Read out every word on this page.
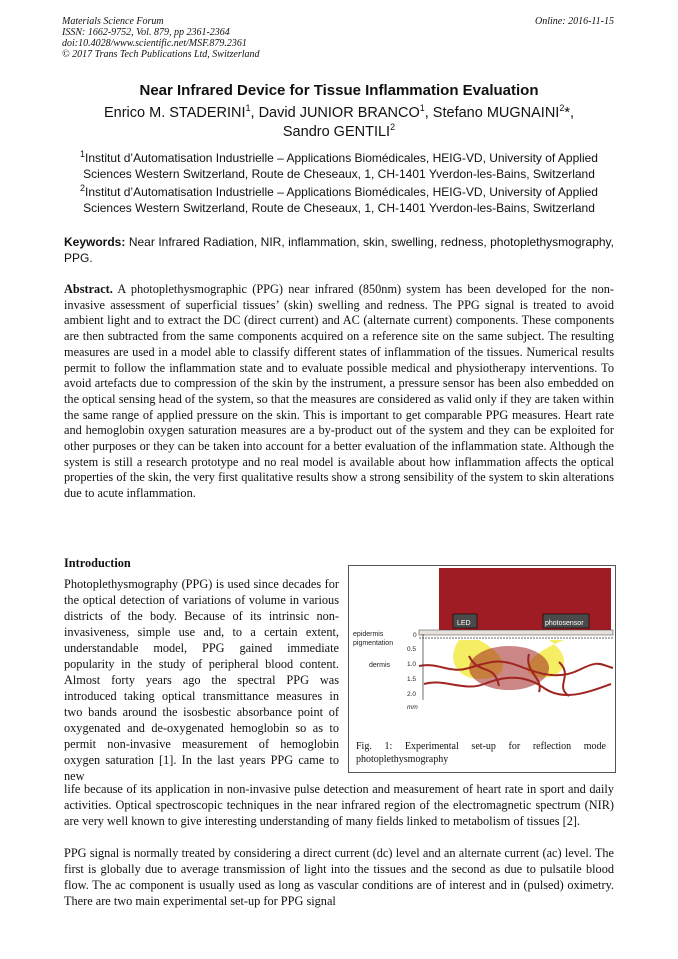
Materials Science Forum
ISSN: 1662-9752, Vol. 879, pp 2361-2364
doi:10.4028/www.scientific.net/MSF.879.2361
© 2017 Trans Tech Publications Ltd, Switzerland
Online: 2016-11-15
Near Infrared Device for Tissue Inflammation Evaluation
Enrico M. STADERINI$^1$, David JUNIOR BRANCO$^1$, Stefano MUGNAINI$^2$*,
Sandro GENTILI$^2$
$^1$Institut d’Automatisation Industrielle – Applications Biomédicales, HEIG-VD, University of Applied Sciences Western Switzerland, Route de Cheseaux, 1, CH-1401 Yverdon-les-Bains, Switzerland
$^2$Institut d’Automatisation Industrielle – Applications Biomédicales, HEIG-VD, University of Applied Sciences Western Switzerland, Route de Cheseaux, 1, CH-1401 Yverdon-les-Bains, Switzerland
Keywords: Near Infrared Radiation, NIR, inflammation, skin, swelling, redness, photoplethysmography, PPG.

Abstract. A photoplethysmographic (PPG) near infrared (850nm) system has been developed for the non-invasive assessment of superficial tissues’ (skin) swelling and redness. The PPG signal is treated to avoid ambient light and to extract the DC (direct current) and AC (alternate current) components. These components are then subtracted from the same components acquired on a reference site on the same subject. The resulting measures are used in a model able to classify different states of inflammation of the tissues. Numerical results permit to follow the inflammation state and to evaluate possible medical and physiotherapy interventions. To avoid artefacts due to compression of the skin by the instrument, a pressure sensor has been also embedded on the optical sensing head of the system, so that the measures are considered as valid only if they are taken within the same range of applied pressure on the skin. This is important to get comparable PPG measures. Heart rate and hemoglobin oxygen saturation measures are a by-product out of the system and they can be exploited for other purposes or they can be taken into account for a better evaluation of the inflammation state. Although the system is still a research prototype and no real model is available about how inflammation affects the optical properties of the skin, the very first qualitative results show a strong sensibility of the system to skin alterations due to acute inflammation.

Introduction

Photoplethysmography (PPG) is used since decades for the optical detection of variations of volume in various districts of the body. Because of its intrinsic non-invasiveness, simple use and, to a certain extent, understandable model, PPG gained immediate popularity in the study of peripheral blood content. Almost forty years ago the spectral PPG was introduced taking optical transmittance measures in two bands around the isosbestic absorbance point of oxygenated and de-oxygenated hemoglobin so as to permit non-invasive measurement of hemoglobin oxygen saturation [1]. In the last years PPG came to new

LED	photosensor
0
0.5
1.0
1.5
2.0
epidermis
pigmentation
dermis
mm
Fig. 1: Experimental set-up for reflection mode photoplethysmography

life because of its application in non-invasive pulse detection and measurement of heart rate in sport and daily activities. Optical spectroscopic techniques in the near infrared region of the electromagnetic spectrum (NIR) are very well known to give interesting understanding of many fields linked to metabolism of tissues [2].

PPG signal is normally treated by considering a direct current (dc) level and an alternate current (ac) level. The first is globally due to average transmission of light into the tissues and the second as due to pulsatile blood flow. The ac component is usually used as long as vascular conditions are of interest and in (pulsed) oximetry. There are two main experimental set-up for PPG signal
